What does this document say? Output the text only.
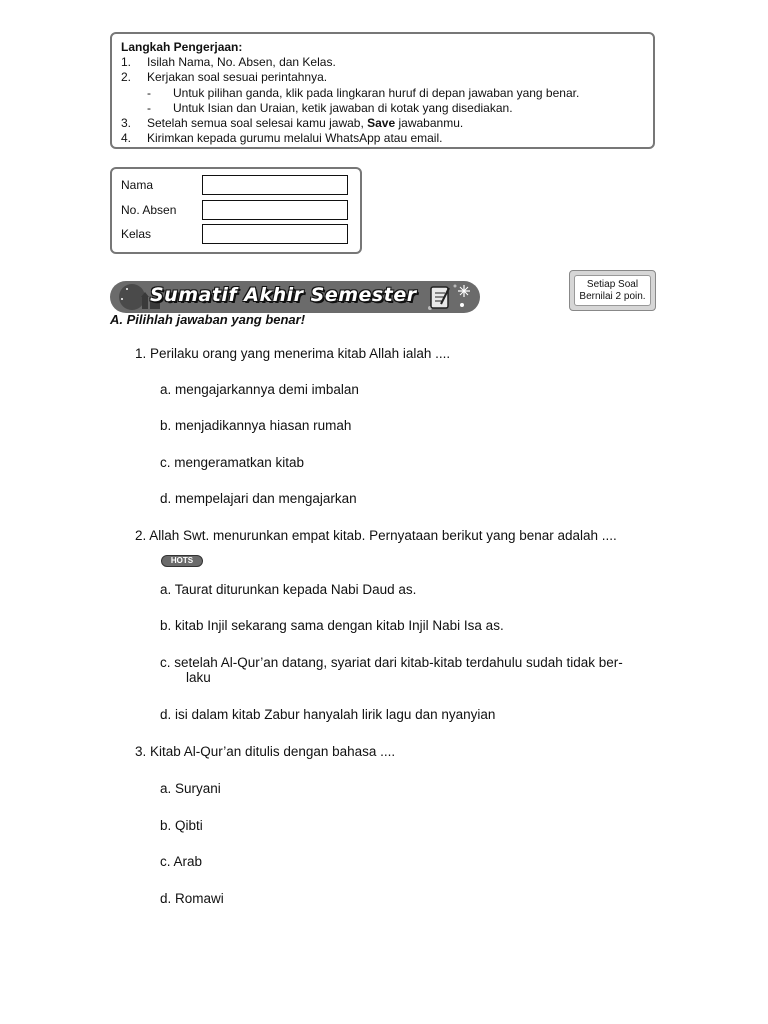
Langkah Pengerjaan:
1.	Isilah Nama, No. Absen, dan Kelas.
2.	Kerjakan soal sesuai perintahnya.
-	Untuk pilihan ganda, klik pada lingkaran huruf di depan jawaban yang benar.
-	Untuk Isian dan Uraian, ketik jawaban di kotak yang disediakan.
3.	Setelah semua soal selesai kamu jawab, Save jawabanmu.
4.	Kirimkan kepada gurumu melalui WhatsApp atau email.
Nama
No. Absen
Kelas
Sumatif Akhir Semester	Setiap Soal
Bernilai 2 poin.
A. Pilihlah jawaban yang benar!
1. Perilaku orang yang menerima kitab Allah ialah ....
a. mengajarkannya demi imbalan
b. menjadikannya hiasan rumah
c. mengeramatkan kitab
d. mempelajari dan mengajarkan
2. Allah Swt. menurunkan empat kitab. Pernyataan berikut yang benar adalah ....
HOTS
a. Taurat diturunkan kepada Nabi Daud as.
b. kitab Injil sekarang sama dengan kitab Injil Nabi Isa as.
c. setelah Al-Qur’an datang, syariat dari kitab-kitab terdahulu sudah tidak ber-
laku
d. isi dalam kitab Zabur hanyalah lirik lagu dan nyanyian
3. Kitab Al-Qur’an ditulis dengan bahasa ....
a. Suryani
b. Qibti
c. Arab
d. Romawi
